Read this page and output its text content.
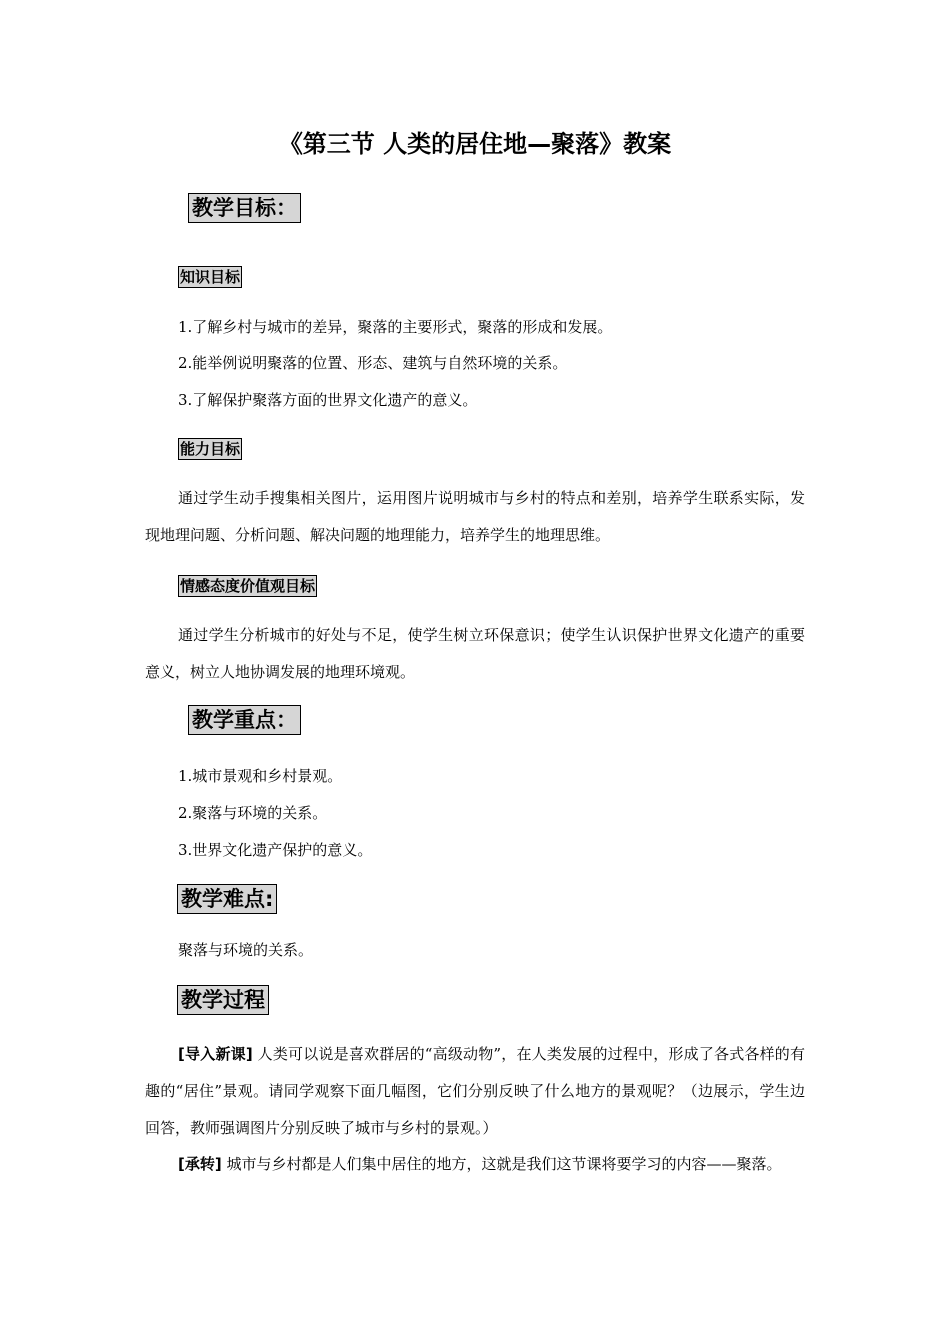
《第三节 人类的居住地—聚落》教案
教学目标：
知识目标
1.了解乡村与城市的差异，聚落的主要形式，聚落的形成和发展。
2.能举例说明聚落的位置、形态、建筑与自然环境的关系。
3.了解保护聚落方面的世界文化遗产的意义。
能力目标
通过学生动手搜集相关图片，运用图片说明城市与乡村的特点和差别，培养学生联系实际，发现地理问题、分析问题、解决问题的地理能力，培养学生的地理思维。
情感态度价值观目标
通过学生分析城市的好处与不足，使学生树立环保意识；使学生认识保护世界文化遗产的重要意义，树立人地协调发展的地理环境观。
教学重点：
1.城市景观和乡村景观。
2.聚落与环境的关系。
3.世界文化遗产保护的意义。
教学难点:
聚落与环境的关系。
教学过程
[导入新课] 人类可以说是喜欢群居的“高级动物”，在人类发展的过程中，形成了各式各样的有趣的“居住”景观。请同学观察下面几幅图，它们分别反映了什么地方的景观呢？（边展示，学生边回答，教师强调图片分别反映了城市与乡村的景观。）
[承转] 城市与乡村都是人们集中居住的地方，这就是我们这节课将要学习的内容——聚落。
